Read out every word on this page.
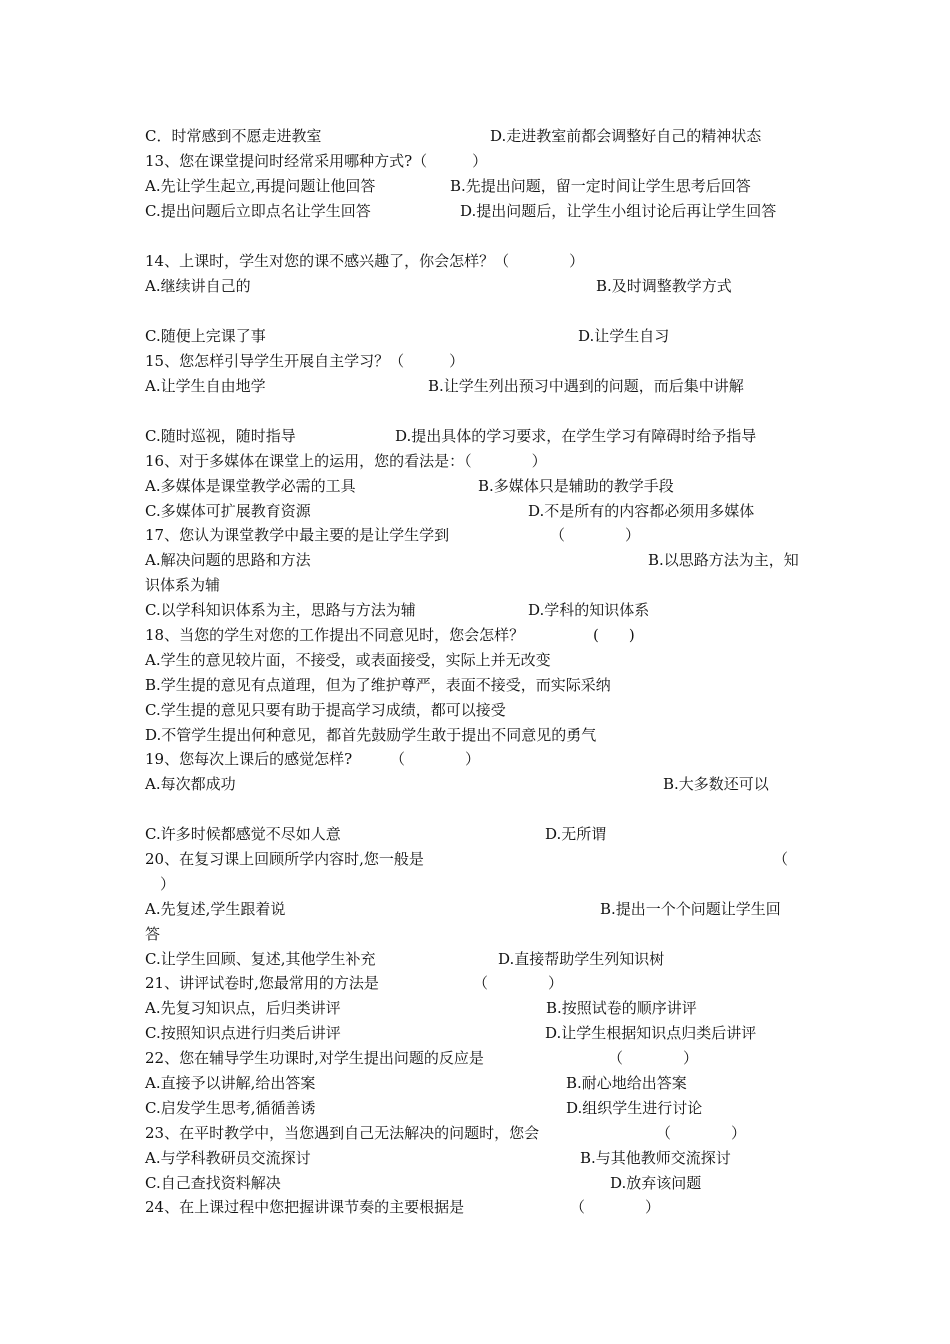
C．时常感到不愿走进教室	D.走进教室前都会调整好自己的精神状态
13、您在课堂提问时经常采用哪种方式?（　　　）
A.先让学生起立,再提问题让他回答	B.先提出问题，留一定时间让学生思考后回答
C.提出问题后立即点名让学生回答	D.提出问题后，让学生小组讨论后再让学生回答
14、上课时，学生对您的课不感兴趣了，你会怎样？（　　　　）
A.继续讲自己的	B.及时调整教学方式
C.随便上完课了事	D.让学生自习
15、您怎样引导学生开展自主学习？（　　　）
A.让学生自由地学	B.让学生列出预习中遇到的问题，而后集中讲解
C.随时巡视，随时指导	D.提出具体的学习要求，在学生学习有障碍时给予指导
16、对于多媒体在课堂上的运用，您的看法是：（　　　　）
A.多媒体是课堂教学必需的工具	B.多媒体只是辅助的教学手段
C.多媒体可扩展教育资源	D.不是所有的内容都必须用多媒体
17、您认为课堂教学中最主要的是让学生学到	（　　　　）
A.解决问题的思路和方法	B.以思路方法为主，知
识体系为辅
C.以学科知识体系为主，思路与方法为辅	D.学科的知识体系
18、当您的学生对您的工作提出不同意见时，您会怎样？	(　　)
A.学生的意见较片面，不接受，或表面接受，实际上并无改变
B.学生提的意见有点道理，但为了维护尊严，表面不接受，而实际采纳
C.学生提的意见只要有助于提高学习成绩，都可以接受
D.不管学生提出何种意见，都首先鼓励学生敢于提出不同意见的勇气
19、您每次上课后的感觉怎样?	（　　　　）
A.每次都成功	B.大多数还可以
C.许多时候都感觉不尽如人意	D.无所谓
20、在复习课上回顾所学内容时,您一般是	（
　）
A.先复述,学生跟着说	B.提出一个个问题让学生回
答
C.让学生回顾、复述,其他学生补充	D.直接帮助学生列知识树
21、讲评试卷时,您最常用的方法是	（　　　　）
A.先复习知识点，后归类讲评	B.按照试卷的顺序讲评
C.按照知识点进行归类后讲评	D.让学生根据知识点归类后讲评
22、您在辅导学生功课时,对学生提出问题的反应是	（　　　　）
A.直接予以讲解,给出答案	B.耐心地给出答案
C.启发学生思考,循循善诱	D.组织学生进行讨论
23、在平时教学中，当您遇到自己无法解决的问题时，您会	（　　　　）
A.与学科教研员交流探讨	B.与其他教师交流探讨
C.自己查找资料解决	D.放弃该问题
24、在上课过程中您把握讲课节奏的主要根据是	（　　　　）
